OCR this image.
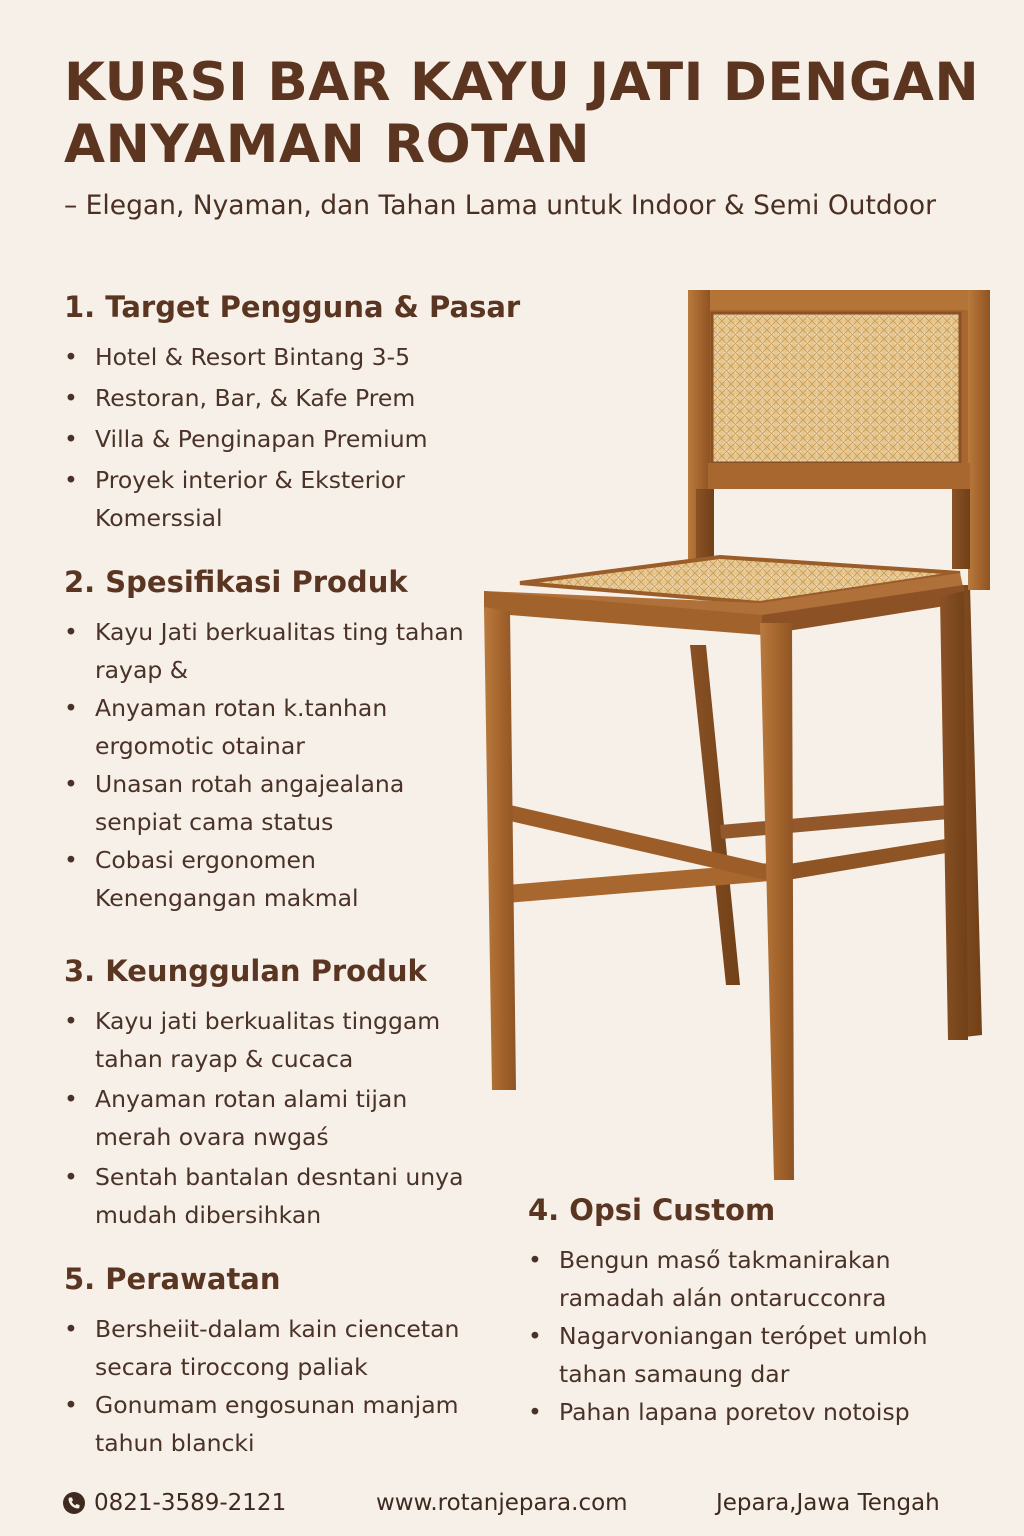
KURSI BAR KAYU JATI DENGAN ANYAMAN ROTAN

– Elegan, Nyaman, dan Tahan Lama untuk Indoor & Semi Outdoor

1. Target Pengguna & Pasar
• Hotel & Resort Bintang 3-5
• Restoran, Bar, & Kafe Prem
• Villa & Penginapan Premium
• Proyek interior & Eksterior Komerssial
2. Spesifikasi Produk
• Kayu Jati berkualitas ting tahan rayap &
• Anyaman rotan k.tanhan ergomotic otainar
• Unasan rotah angajealana senpiat cama status
• Cobasi ergonomen Kenengangan makmal
3. Keunggulan Produk
• Kayu jati berkualitas tinggam tahan rayap & cucaca
• Anyaman rotan alami tijan merah ovara nwgaś
• Sentah bantalan desntani unya mudah dibersihkan
5. Perawatan
• Bersheiit-dalam kain ciencetan secara tiroccong paliak
• Gonumam engosunan manjam tahun blancki
4. Opsi Custom
• Bengun maső takmanirakan ramadah alán ontarucconra
• Nagarvoniangan terópet umloh tahan samaung dar
• Pahan lapana poretov notoisp
0821-3589-2121	www.rotanjepara.com	Jepara,Jawa Tengah
